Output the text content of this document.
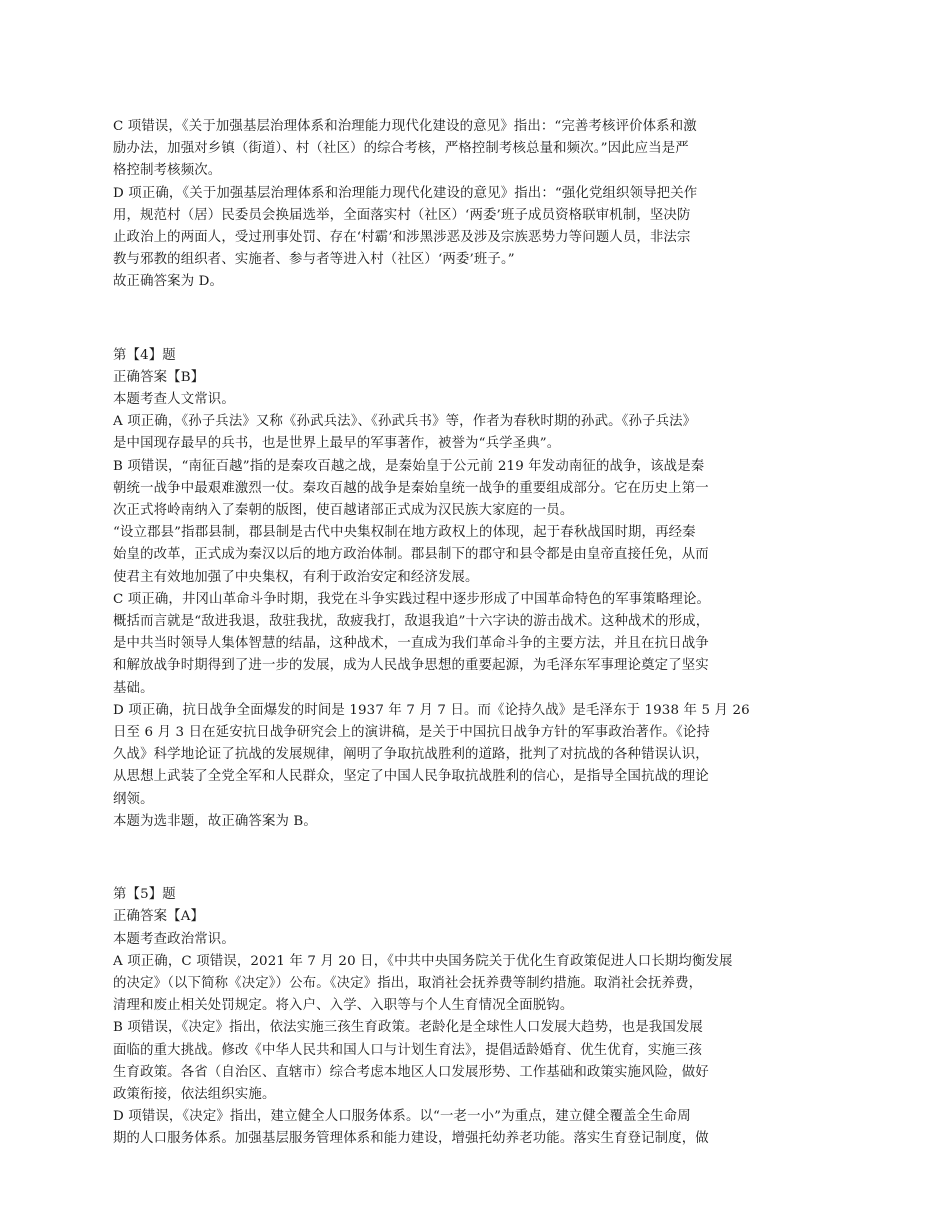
C 项错误，《关于加强基层治理体系和治理能力现代化建设的意见》指出：“完善考核评价体系和激
励办法，加强对乡镇（街道）、村（社区）的综合考核，严格控制考核总量和频次。”因此应当是严
格控制考核频次。

D 项正确，《关于加强基层治理体系和治理能力现代化建设的意见》指出：“强化党组织领导把关作
用，规范村（居）民委员会换届选举，全面落实村（社区）‘两委’班子成员资格联审机制，坚决防
止政治上的两面人，受过刑事处罚、存在‘村霸’和涉黑涉恶及涉及宗族恶势力等问题人员，非法宗
教与邪教的组织者、实施者、参与者等进入村（社区）‘两委’班子。”

故正确答案为 D。

第【4】题

正确答案【B】

本题考查人文常识。

A 项正确，《孙子兵法》又称《孙武兵法》、《孙武兵书》等，作者为春秋时期的孙武。《孙子兵法》
是中国现存最早的兵书，也是世界上最早的军事著作，被誉为“兵学圣典”。

B 项错误，“南征百越”指的是秦攻百越之战，是秦始皇于公元前 219 年发动南征的战争，该战是秦
朝统一战争中最艰难激烈一仗。秦攻百越的战争是秦始皇统一战争的重要组成部分。它在历史上第一
次正式将岭南纳入了秦朝的版图，使百越诸部正式成为汉民族大家庭的一员。

“设立郡县”指郡县制，郡县制是古代中央集权制在地方政权上的体现，起于春秋战国时期，再经秦
始皇的改革，正式成为秦汉以后的地方政治体制。郡县制下的郡守和县令都是由皇帝直接任免，从而
使君主有效地加强了中央集权，有利于政治安定和经济发展。

C 项正确，井冈山革命斗争时期，我党在斗争实践过程中逐步形成了中国革命特色的军事策略理论。
概括而言就是“敌进我退，敌驻我扰，敌疲我打，敌退我追”十六字诀的游击战术。这种战术的形成，
是中共当时领导人集体智慧的结晶，这种战术，一直成为我们革命斗争的主要方法，并且在抗日战争
和解放战争时期得到了进一步的发展，成为人民战争思想的重要起源，为毛泽东军事理论奠定了坚实
基础。

D 项正确，抗日战争全面爆发的时间是 1937 年 7 月 7 日。而《论持久战》是毛泽东于 1938 年 5 月 26
日至 6 月 3 日在延安抗日战争研究会上的演讲稿，是关于中国抗日战争方针的军事政治著作。《论持
久战》科学地论证了抗战的发展规律，阐明了争取抗战胜利的道路，批判了对抗战的各种错误认识，
从思想上武装了全党全军和人民群众，坚定了中国人民争取抗战胜利的信心，是指导全国抗战的理论
纲领。

本题为选非题，故正确答案为 B。

第【5】题

正确答案【A】

本题考查政治常识。

A 项正确，C 项错误，2021 年 7 月 20 日，《中共中央国务院关于优化生育政策促进人口长期均衡发展
的决定》（以下简称《决定》）公布。《决定》指出，取消社会抚养费等制约措施。取消社会抚养费，
清理和废止相关处罚规定。将入户、入学、入职等与个人生育情况全面脱钩。

B 项错误，《决定》指出，依法实施三孩生育政策。老龄化是全球性人口发展大趋势，也是我国发展
面临的重大挑战。修改《中华人民共和国人口与计划生育法》，提倡适龄婚育、优生优育，实施三孩
生育政策。各省（自治区、直辖市）综合考虑本地区人口发展形势、工作基础和政策实施风险，做好
政策衔接，依法组织实施。

D 项错误，《决定》指出，建立健全人口服务体系。以“一老一小”为重点，建立健全覆盖全生命周
期的人口服务体系。加强基层服务管理体系和能力建设，增强托幼养老功能。落实生育登记制度，做
